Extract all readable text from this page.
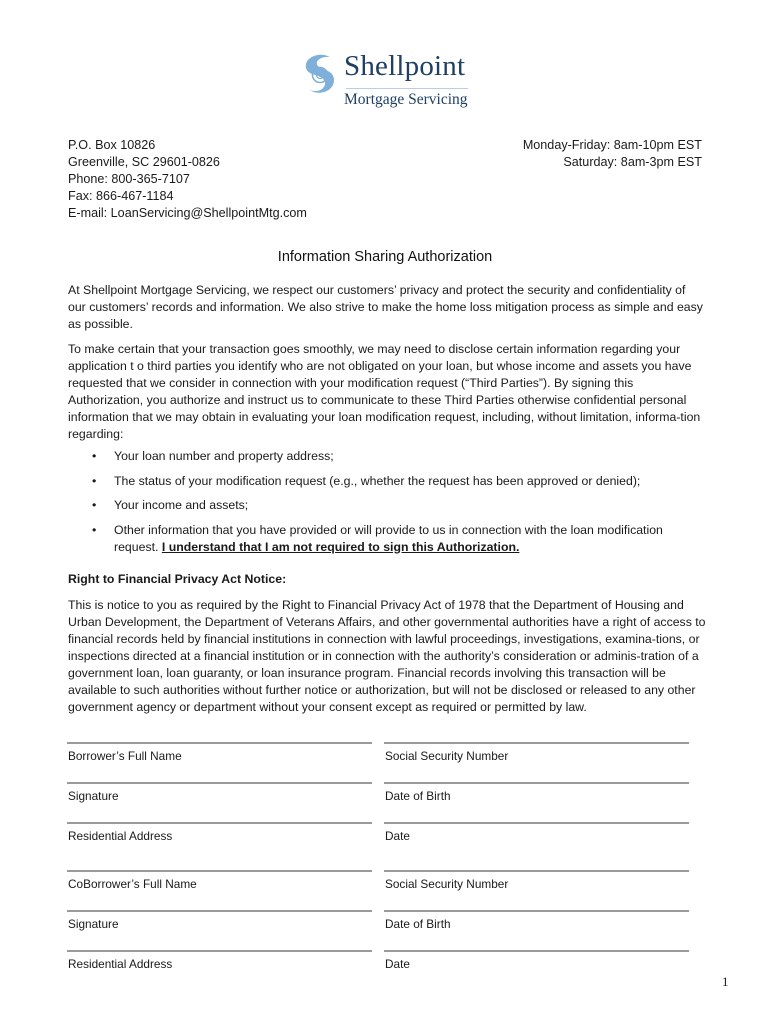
Shellpoint
Mortgage Servicing
P.O. Box 10826
Greenville, SC 29601-0826
Phone: 800-365-7107
Fax: 866-467-1184
E-mail: LoanServicing@ShellpointMtg.com
Monday-Friday: 8am-10pm EST
Saturday: 8am-3pm EST
Information Sharing Authorization

At Shellpoint Mortgage Servicing, we respect our customers’ privacy and protect the security and confidentiality of our customers’ records and information. We also strive to make the home loss mitigation process as simple and easy as possible.

To make certain that your transaction goes smoothly, we may need to disclose certain information regarding your application t o third parties you identify who are not obligated on your loan, but whose income and assets you have requested that we consider in connection with your modification request (“Third Parties”). By signing this Authorization, you authorize and instruct us to communicate to these Third Parties otherwise confidential personal information that we may obtain in evaluating your loan modification request, including, without limitation, informa-tion regarding:

• Your loan number and property address;
• The status of your modification request (e.g., whether the request has been approved or denied);
• Your income and assets;
• Other information that you have provided or will provide to us in connection with the loan modification request. I understand that I am not required to sign this Authorization.
Right to Financial Privacy Act Notice:

This is notice to you as required by the Right to Financial Privacy Act of 1978 that the Department of Housing and Urban Development, the Department of Veterans Affairs, and other governmental authorities have a right of access to financial records held by financial institutions in connection with lawful proceedings, investigations, examina-tions, or inspections directed at a financial institution or in connection with the authority’s consideration or adminis-tration of a government loan, loan guaranty, or loan insurance program. Financial records involving this transaction will be available to such authorities without further notice or authorization, but will not be disclosed or released to any other government agency or department without your consent except as required or permitted by law.

Borrower’s Full Name	Social Security Number
Signature	Date of Birth
Residential Address	Date
CoBorrower’s Full Name	Social Security Number
Signature	Date of Birth
Residential Address	Date
1
